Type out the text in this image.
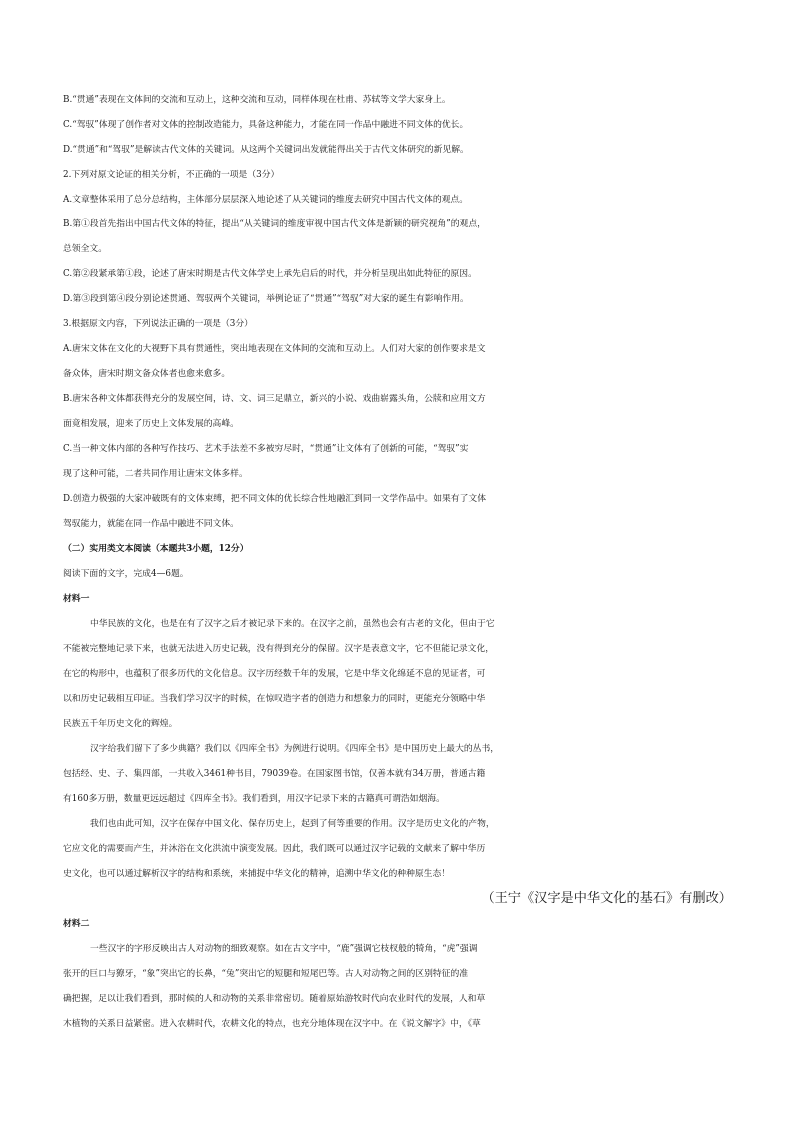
B.“贯通”表现在文体间的交流和互动上，这种交流和互动，同样体现在杜甫、苏轼等文学大家身上。
C.“驾驭”体现了创作者对文体的控制改造能力，具备这种能力，才能在同一作品中融进不同文体的优长。
D.“贯通”和“驾驭”是解读古代文体的关键词。从这两个关键词出发就能得出关于古代文体研究的新见解。
2.下列对原文论证的相关分析，不正确的一项是（3分）
A.文章整体采用了总分总结构，主体部分层层深入地论述了从关键词的维度去研究中国古代文体的观点。
B.第①段首先指出中国古代文体的特征，提出“从关键词的维度审视中国古代文体是新颖的研究视角”的观点，
总领全文。
C.第②段紧承第①段，论述了唐宋时期是古代文体学史上承先启后的时代，并分析呈现出如此特征的原因。
D.第③段到第④段分别论述贯通、驾驭两个关键词，举例论证了“贯通”“驾驭”对大家的诞生有影响作用。
3.根据原文内容，下列说法正确的一项是（3分）
A.唐宋文体在文化的大视野下具有贯通性，突出地表现在文体间的交流和互动上。人们对大家的创作要求是文
备众体，唐宋时期文备众体者也愈来愈多。
B.唐宋各种文体都获得充分的发展空间，诗、文、词三足鼎立，新兴的小说、戏曲崭露头角，公牍和应用文方
面竟相发展，迎来了历史上文体发展的高峰。
C.当一种文体内部的各种写作技巧、艺术手法差不多被穷尽时，“贯通”让文体有了创新的可能，“驾驭”实
现了这种可能，二者共同作用让唐宋文体多样。
D.创造力极强的大家冲破既有的文体束缚，把不同文体的优长综合性地融汇到同一文学作品中。如果有了文体
驾驭能力，就能在同一作品中融进不同文体。
（二）实用类文本阅读（本题共3小题，12分）
阅读下面的文字，完成4—6题。
材料一
中华民族的文化，也是在有了汉字之后才被记录下来的。在汉字之前，虽然也会有古老的文化，但由于它
不能被完整地记录下来，也就无法进入历史记载，没有得到充分的保留。汉字是表意文字，它不但能记录文化，
在它的构形中，也蕴积了很多历代的文化信息。汉字历经数千年的发展，它是中华文化绵延不息的见证者，可
以和历史记载相互印证。当我们学习汉字的时候，在惊叹造字者的创造力和想象力的同时，更能充分领略中华
民族五千年历史文化的辉煌。
汉字给我们留下了多少典籍？我们以《四库全书》为例进行说明。《四库全书》是中国历史上最大的丛书，
包括经、史、子、集四部，一共收入3461种书目，79039卷。在国家图书馆，仅善本就有34万册，普通古籍
有160多万册，数量更远远超过《四库全书》。我们看到，用汉字记录下来的古籍真可谓浩如烟海。
我们也由此可知，汉字在保存中国文化、保存历史上，起到了何等重要的作用。汉字是历史文化的产物，
它应文化的需要而产生，并沐浴在文化洪流中演变发展。因此，我们既可以通过汉字记载的文献来了解中华历
史文化，也可以通过解析汉字的结构和系统，来捕捉中华文化的精神，追溯中华文化的种种原生态！
（王宁《汉字是中华文化的基石》有删改）
材料二
一些汉字的字形反映出古人对动物的细致观察。如在古文字中，“鹿”强调它枝杈般的犄角，“虎”强调
张开的巨口与獠牙，“象”突出它的长鼻，“兔”突出它的短腿和短尾巴等。古人对动物之间的区别特征的准
确把握，足以让我们看到，那时候的人和动物的关系非常密切。随着原始游牧时代向农业时代的发展，人和草
木植物的关系日益紧密。进入农耕时代，农耕文化的特点，也充分地体现在汉字中。在《说文解字》中，《草
